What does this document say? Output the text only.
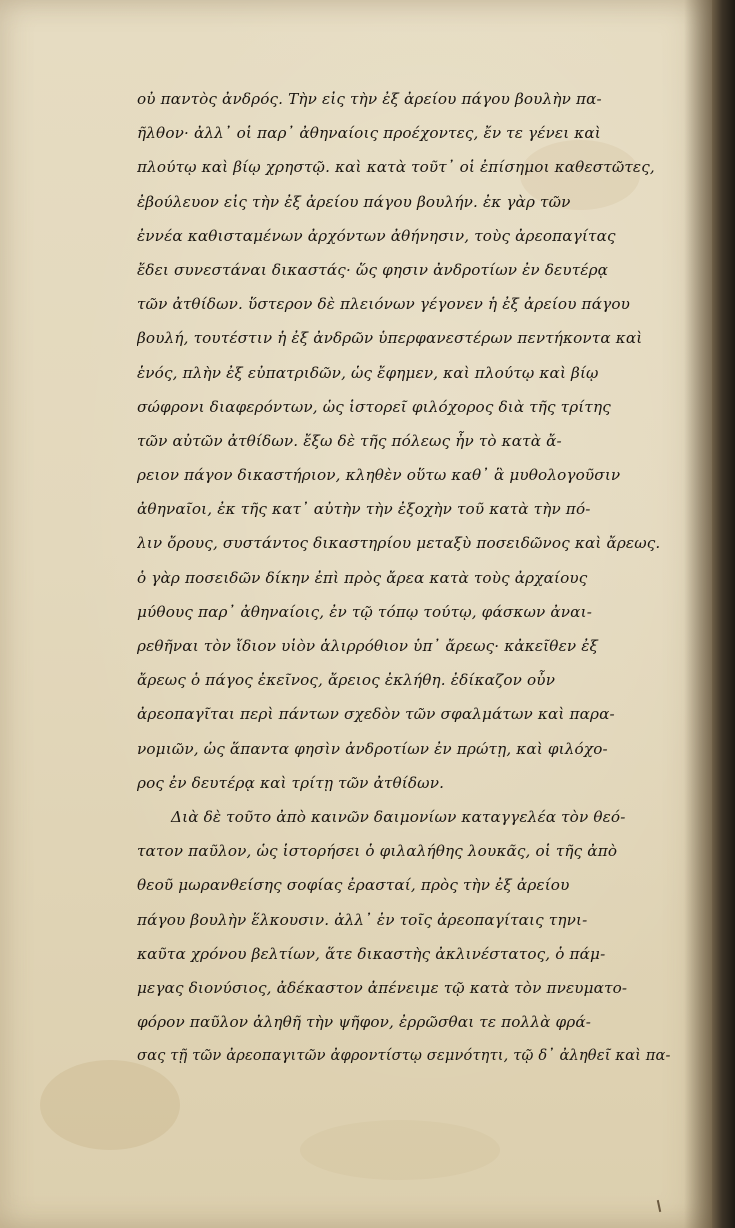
οὐ παντὸς ἀνδρός. Τὴν εἰς τὴν ἐξ ἀρείου πάγου βουλὴν πα-
ῆλθον· ἀλλ᾽ οἱ παρ᾽ ἀθηναίοις προέχοντες, ἔν τε γένει καὶ
πλούτῳ καὶ βίῳ χρηστῷ. καὶ κατὰ τοῦτ᾽ οἱ ἐπίσημοι καθεστῶτες,
ἐβούλευον εἰς τὴν ἐξ ἀρείου πάγου βουλήν. ἐκ γὰρ τῶν
ἐννέα καθισταμένων ἀρχόντων ἀθήνησιν, τοὺς ἀρεοπαγίτας
ἔδει συνεστάναι δικαστάς· ὥς φησιν ἀνδροτίων ἐν δευτέρᾳ
τῶν ἀτθίδων. ὕστερον δὲ πλειόνων γέγονεν ἡ ἐξ ἀρείου πάγου
βουλή, τουτέστιν ἡ ἐξ ἀνδρῶν ὑπερφανεστέρων πεντήκοντα καὶ
ἑνός, πλὴν ἐξ εὐπατριδῶν, ὡς ἔφημεν, καὶ πλούτῳ καὶ βίῳ
σώφρονι διαφερόντων, ὡς ἱστορεῖ φιλόχορος διὰ τῆς τρίτης
τῶν αὐτῶν ἀτθίδων. ἔξω δὲ τῆς πόλεως ἦν τὸ κατὰ ἄ-
ρειον πάγον δικαστήριον, κληθὲν οὕτω καθ᾽ ἃ μυθολογοῦσιν
ἀθηναῖοι, ἐκ τῆς κατ᾽ αὐτὴν τὴν ἐξοχὴν τοῦ κατὰ τὴν πό-
λιν ὄρους, συστάντος δικαστηρίου μεταξὺ ποσειδῶνος καὶ ἄρεως.
ὁ γὰρ ποσειδῶν δίκην ἐπὶ πρὸς ἄρεα κατὰ τοὺς ἀρχαίους
μύθους παρ᾽ ἀθηναίοις, ἐν τῷ τόπῳ τούτῳ, φάσκων ἀναι-
ρεθῆναι τὸν ἴδιον υἱὸν ἁλιρρόθιον ὑπ᾽ ἄρεως· κἀκεῖθεν ἐξ
ἄρεως ὁ πάγος ἐκεῖνος, ἄρειος ἐκλήθη. ἐδίκαζον οὖν
ἀρεοπαγῖται περὶ πάντων σχεδὸν τῶν σφαλμάτων καὶ παρα-
νομιῶν, ὡς ἅπαντα φησὶν ἀνδροτίων ἐν πρώτῃ, καὶ φιλόχο-
ρος ἐν δευτέρᾳ καὶ τρίτῃ τῶν ἀτθίδων.
Διὰ δὲ τοῦτο ἀπὸ καινῶν δαιμονίων καταγγελέα τὸν θεό-
τατον παῦλον, ὡς ἱστορήσει ὁ φιλαλήθης λουκᾶς, οἱ τῆς ἀπὸ
θεοῦ μωρανθείσης σοφίας ἐρασταί, πρὸς τὴν ἐξ ἀρείου
πάγου βουλὴν ἕλκουσιν. ἀλλ᾽ ἐν τοῖς ἀρεοπαγίταις τηνι-
καῦτα χρόνου βελτίων, ἅτε δικαστὴς ἀκλινέστατος, ὁ πάμ-
μεγας διονύσιος, ἀδέκαστον ἀπένειμε τῷ κατὰ τὸν πνευματο-
φόρον παῦλον ἀληθῆ τὴν ψῆφον, ἐρρῶσθαι τε πολλὰ φρά-
σας τῇ τῶν ἀρεοπαγιτῶν ἀφροντίστῳ σεμνότητι, τῷ δ᾽ ἀληθεῖ καὶ πα-
